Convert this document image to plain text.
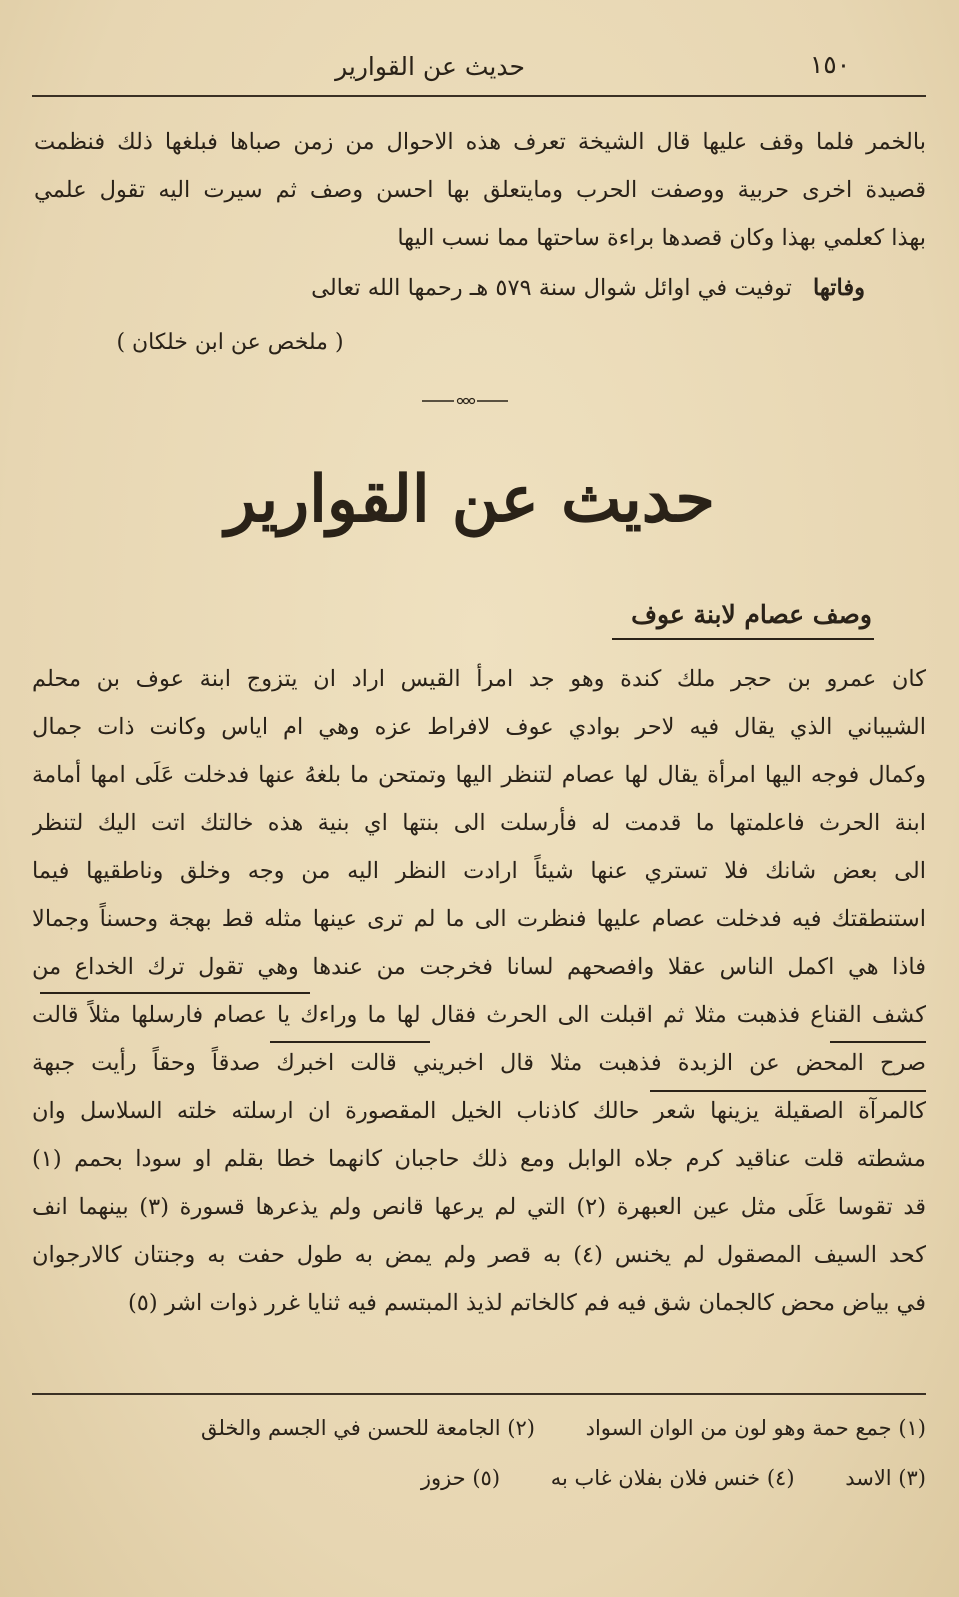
١٥٠
حديث عن القوارير
بالخمر فلما وقف عليها قال الشيخة تعرف هذه الاحوال من زمن صباها فبلغها ذلك فنظمت
قصيدة اخرى حربية ووصفت الحرب ومايتعلق بها احسن وصف ثم سيرت اليه تقول علمي
بهذا كعلمي بهذا وكان قصدها براءة ساحتها مما نسب اليها
وفاتها توفيت في اوائل شوال سنة ٥٧٩ هـ رحمها الله تعالى
( ملخص عن ابن خلكان )
حديث عن القوارير
وصف عصام لابنة عوف
كان عمرو بن حجر ملك كندة وهو جد امرأ القيس اراد ان يتزوج ابنة عوف بن محلم
الشيباني الذي يقال فيه لاحر بوادي عوف لافراط عزه وهي ام اياس وكانت ذات جمال
وكمال فوجه اليها امرأة يقال لها عصام لتنظر اليها وتمتحن ما بلغهُ عنها فدخلت عَلَى امها أمامة
ابنة الحرث فاعلمتها ما قدمت له فأرسلت الى بنتها اي بنية هذه خالتك اتت اليك لتنظر
الى بعض شانك فلا تستري عنها شيئاً ارادت النظر اليه من وجه وخلق وناطقيها فيما
استنطقتك فيه فدخلت عصام عليها فنظرت الى ما لم ترى عينها مثله قط بهجة وحسناً وجمالا
فاذا هي اكمل الناس عقلا وافصحهم لسانا فخرجت من عندها وهي تقول ترك الخداع من
كشف القناع فذهبت مثلا ثم اقبلت الى الحرث فقال لها ما وراءك يا عصام فارسلها مثلاً قالت
صرح المحض عن الزبدة فذهبت مثلا قال اخبريني قالت اخبرك صدقاً وحقاً رأيت جبهة
كالمرآة الصقيلة يزينها شعر حالك كاذناب الخيل المقصورة ان ارسلته خلته السلاسل وان
مشطته قلت عناقيد كرم جلاه الوابل ومع ذلك حاجبان كانهما خطا بقلم او سودا بحمم (١)
قد تقوسا عَلَى مثل عين العبهرة (٢) التي لم يرعها قانص ولم يذعرها قسورة (٣) بينهما انف
كحد السيف المصقول لم يخنس (٤) به قصر ولم يمض به طول حفت به وجنتان كالارجوان
في بياض محض كالجمان شق فيه فم كالخاتم لذيذ المبتسم فيه ثنايا غرر ذوات اشر (٥)
(١) جمع حمة وهو لون من الوان السواد (٢) الجامعة للحسن في الجسم والخلق
(٣) الاسد (٤) خنس فلان بفلان غاب به (٥) حزوز
